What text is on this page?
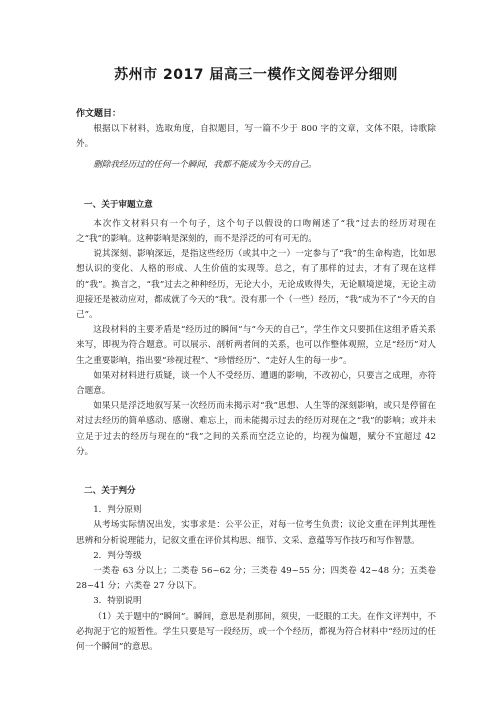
苏州市 2017 届高三一模作文阅卷评分细则
作文题目：

根据以下材料，选取角度，自拟题目，写一篇不少于 800 字的文章，文体不限，诗歌除外。

删除我经历过的任何一个瞬间，我都不能成为今天的自己。

一、关于审题立意

本次作文材料只有一个句子，这个句子以假设的口吻阐述了“我”过去的经历对现在之“我”的影响。这种影响是深刻的，而不是浮泛的可有可无的。

说其深刻、影响深远，是指这些经历（或其中之一）一定参与了“我”的生命构造，比如思想认识的变化、人格的形成、人生价值的实现等。总之，有了那样的过去，才有了现在这样的“我”。换言之，“我”过去之种种经历，无论大小，无论成败得失，无论顺境逆境，无论主动迎接还是被动应对，都成就了今天的“我”。没有那一个（一些）经历，“我”成为不了“今天的自己”。

这段材料的主要矛盾是“经历过的瞬间”与“今天的自己”，学生作文只要抓住这组矛盾关系来写，即视为符合题意。可以展示、剖析两者间的关系，也可以作整体观照，立足“经历”对人生之重要影响，指出要“珍视过程”、“珍惜经历”、“走好人生的每一步”。

如果对材料进行质疑，谈一个人不受经历、遭遇的影响，不改初心，只要言之成理，亦符合题意。

如果只是浮泛地叙写某一次经历而未揭示对“我”思想、人生等的深刻影响，或只是停留在对过去经历的简单感动、感谢、难忘上，而未能揭示过去的经历对现在之“我”的影响；或并未立足于过去的经历与现在的“我”之间的关系而空泛立论的，均视为偏题，赋分不宜超过 42 分。

二、关于判分

1．判分原则

从考场实际情况出发，实事求是：公平公正，对每一位考生负责；议论文重在评判其理性思辨和分析说理能力，记叙文重在评价其构思、细节、文采、意蕴等写作技巧和写作智慧。

2．判分等级

一类卷 63 分以上；二类卷 56~62 分；三类卷 49~55 分；四类卷 42~48 分；五类卷 28~41 分；六类卷 27 分以下。

3．特别说明

（1）关于题中的“瞬间”。瞬间，意思是刹那间，须臾，一眨眼的工夫。在作文评判中，不必拘泥于它的短暂性。学生只要是写一段经历，或一个个经历，都视为符合材料中“经历过的任何一个瞬间”的意思。
